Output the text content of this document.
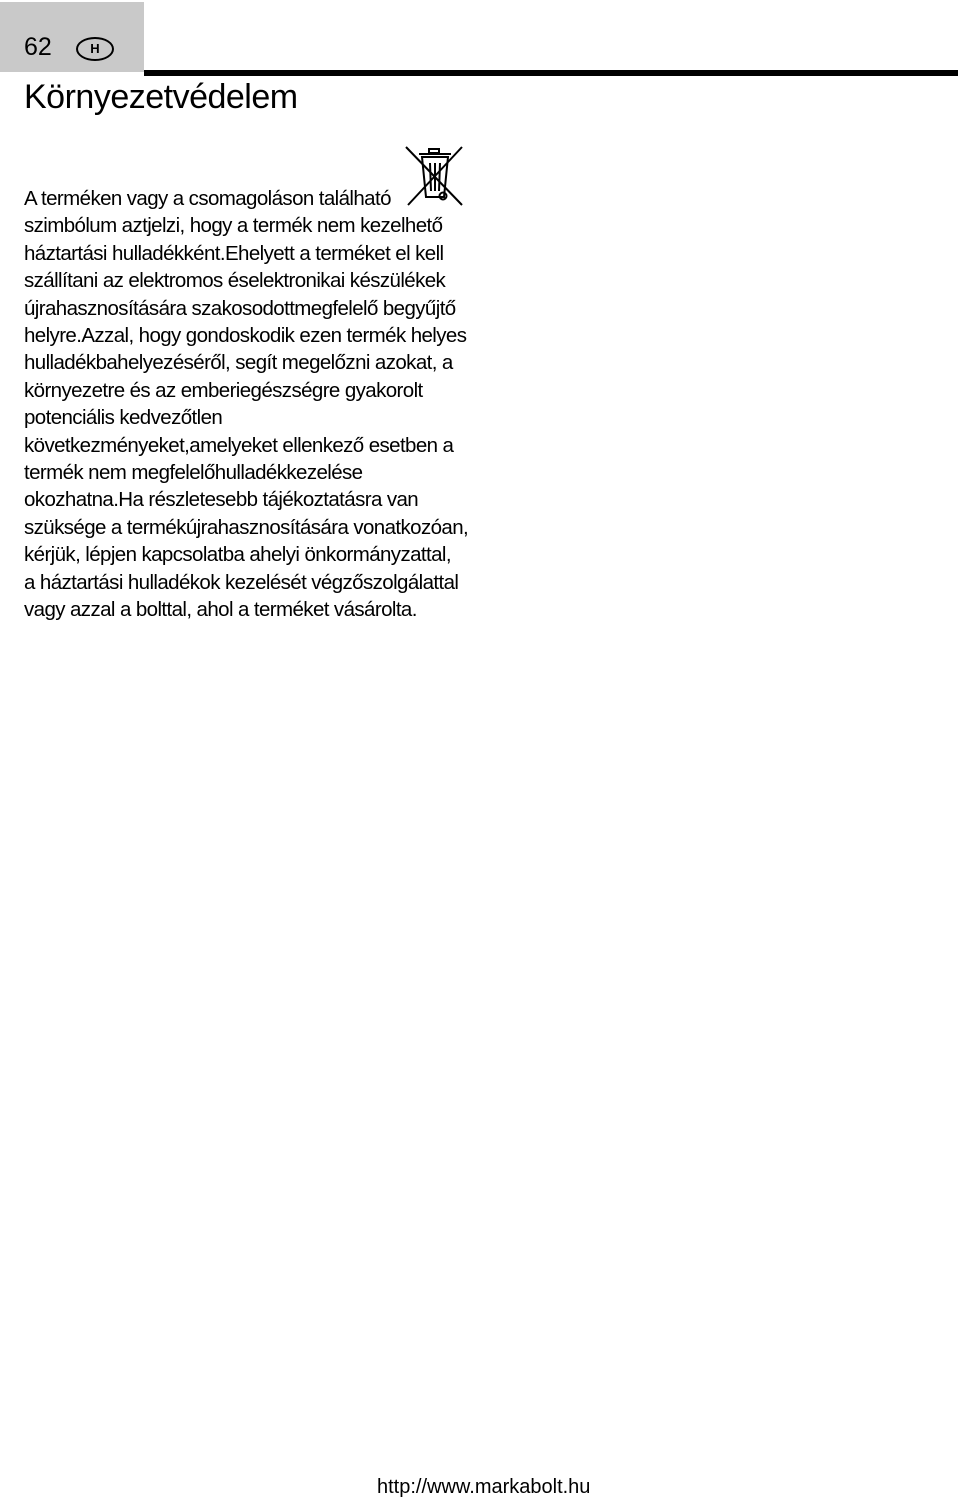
62	H
Környezetvédelem

A terméken vagy a csomagoláson található
szimbólum aztjelzi, hogy a termék nem kezelhető
háztartási hulladékként.Ehelyett a terméket el kell
szállítani az elektromos éselektronikai készülékek
újrahasznosítására szakosodottmegfelelő begyűjtő
helyre.Azzal, hogy gondoskodik ezen termék helyes
hulladékbahelyezéséről, segít megelőzni azokat, a
környezetre és az emberiegészségre gyakorolt
potenciális kedvezőtlen
következményeket,amelyeket ellenkező esetben a
termék nem megfelelőhulladékkezelése
okozhatna.Ha részletesebb tájékoztatásra van
szüksége a termékújrahasznosítására vonatkozóan,
kérjük, lépjen kapcsolatba ahelyi önkormányzattal,
a háztartási hulladékok kezelését végzőszolgálattal
vagy azzal a bolttal, ahol a terméket vásárolta.

http://www.markabolt.hu
